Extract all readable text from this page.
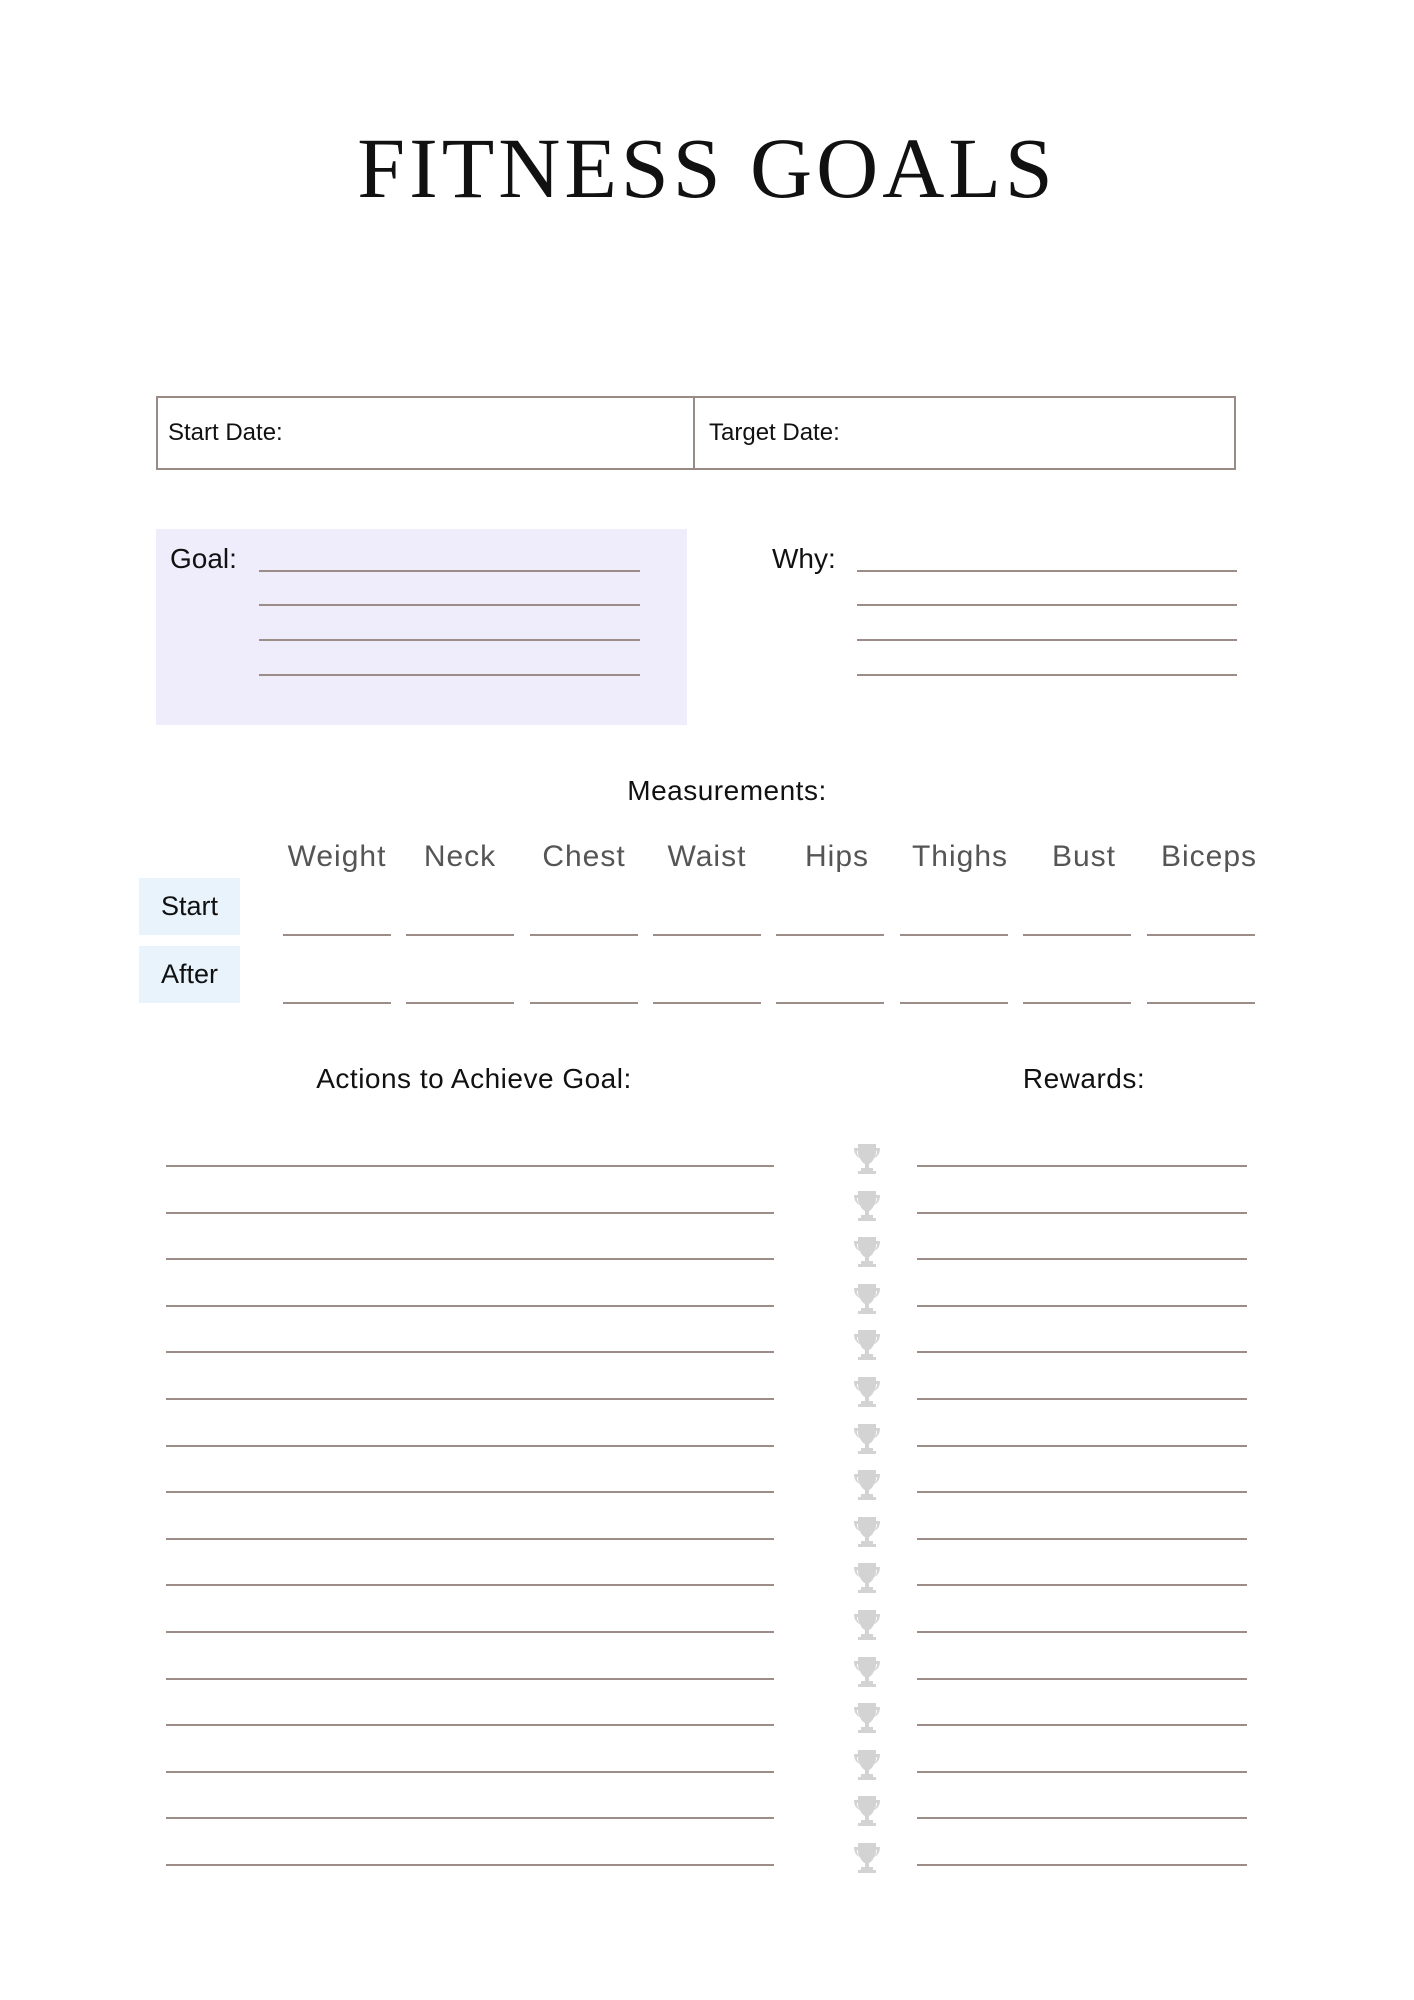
FITNESS GOALS
Start Date:	Target Date:
Goal:	Why:
Measurements:
Weight	Neck	Chest	Waist	Hips	Thighs	Bust	Biceps
Start
After
Actions to Achieve Goal:	Rewards:
